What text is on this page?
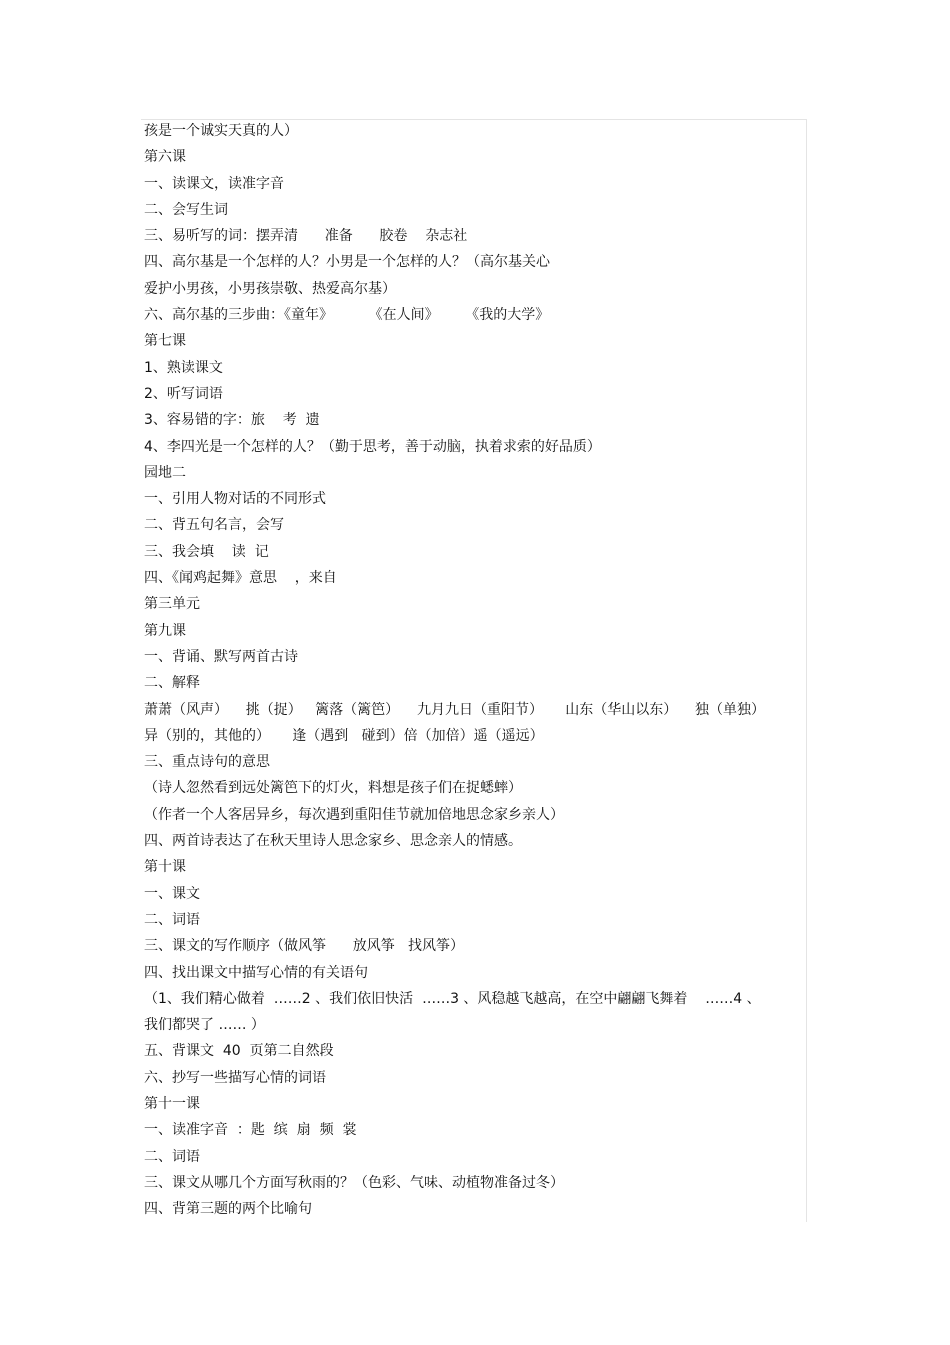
孩是一个诚实天真的人）
第六课
一、读课文，读准字音
二、会写生词
三、易听写的词：摆弄清      准备      胶卷    杂志社
四、高尔基是一个怎样的人？小男是一个怎样的人？（高尔基关心
爱护小男孩，小男孩崇敬、热爱高尔基）
六、高尔基的三步曲：《童年》        《在人间》      《我的大学》
第七课
1、熟读课文
2、听写词语
3、容易错的字：旅    考  遗
4、李四光是一个怎样的人？（勤于思考，善于动脑，执着求索的好品质）
园地二
一、引用人物对话的不同形式
二、背五句名言，会写
三、我会填    读  记
四、《闻鸡起舞》意思    ，来自
第三单元
第九课
一、背诵、默写两首古诗
二、解释
萧萧（风声）    挑（捉）   篱落（篱笆）    九月九日（重阳节）     山东（华山以东）    独（单独）
异（别的，其他的）     逢（遇到   碰到）倍（加倍）遥（遥远）
三、重点诗句的意思
（诗人忽然看到远处篱笆下的灯火，料想是孩子们在捉蟋蟀）
（作者一个人客居异乡，每次遇到重阳佳节就加倍地思念家乡亲人）
四、两首诗表达了在秋天里诗人思念家乡、思念亲人的情感。
第十课
一、课文
二、词语
三、课文的写作顺序（做风筝      放风筝   找风筝）
四、找出课文中描写心情的有关语句
（1、我们精心做着  ……2 、我们依旧快活  ……3 、风稳越飞越高，在空中翩翩飞舞着    ……4 、
我们都哭了 …… ）
五、背课文  40  页第二自然段
六、抄写一些描写心情的词语
第十一课
一、读准字音  ：匙  缤  扇  频  裳
二、词语
三、课文从哪几个方面写秋雨的？（色彩、气味、动植物准备过冬）
四、背第三题的两个比喻句
